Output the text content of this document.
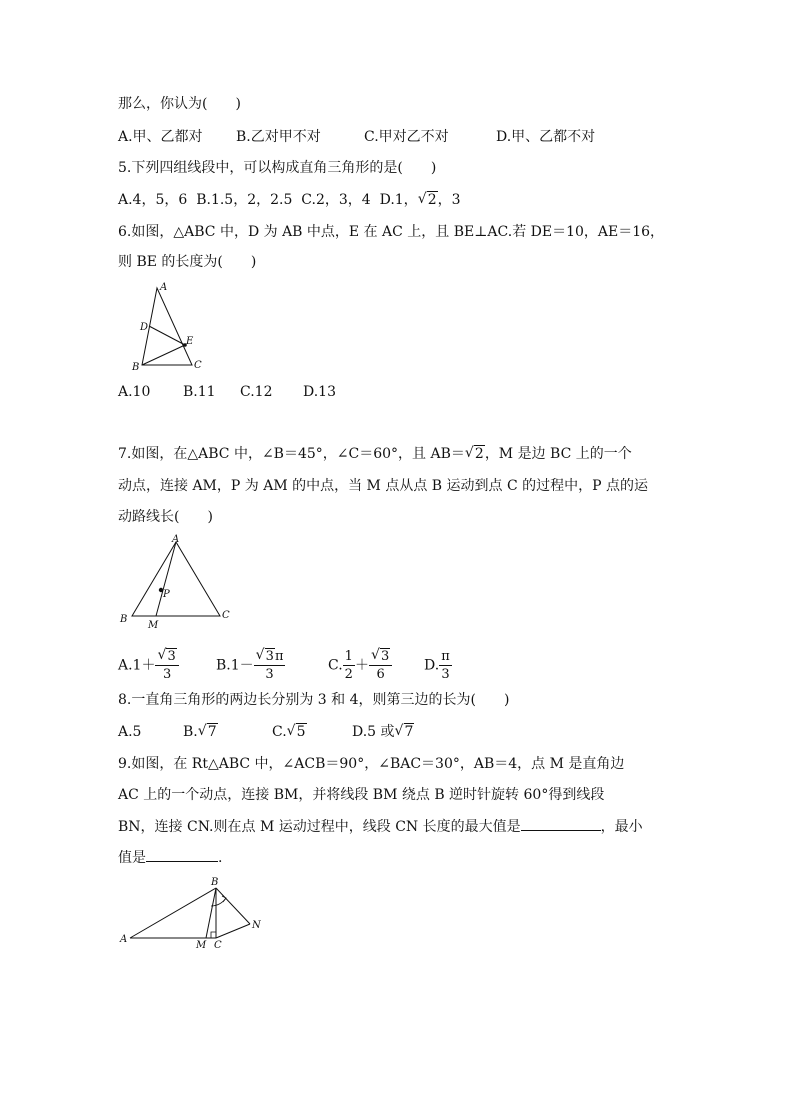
那么，你认为(　　)
A.甲、乙都对 B.乙对甲不对	C.甲对乙不对	D.甲、乙都不对
5.下列四组线段中，可以构成直角三角形的是(　　)
A.4，5，6 B.1.5，2，2.5 C.2，3，4 D.1， √ 2，3
6.如图，△ABC 中，D 为 AB 中点，E 在 AC 上，且 BE⊥AC.若 DE＝10，AE＝16，
则 BE 的长度为(　　)
A
D
E
B	C
A.10 B.11 C.12 D.13
7.如图，在△ABC 中，∠B＝45°，∠C＝60°，且 AB＝ √ 2，M 是边 BC 上的一个
动点，连接 AM，P 为 AM 的中点，当 M 点从点 B 运动到点 C 的过程中，P 点的运
动路线长(　　)
A
P
B
M
C
A.1＋ √ $\frac{3}{3}$	B.1－ √ $\frac{3\pi}{3}$	C. $\frac{1}{2}$ ＋ √ $\frac{3}{6} D$. $\frac{\pi}{3}$
8.一直角三角形的两边长分别为 3 和 4，则第三边的长为(　　)
A.5	B. √ 7	C. √ 5	D.5 或 √ 7
9.如图，在 Rt△ABC 中，∠ACB＝90°，∠BAC＝30°，AB＝4，点 M 是直角边
AC 上的一个动点，连接 BM，并将线段 BM 绕点 B 逆时针旋转 60°得到线段
BN，连接 CN.则在点 M 运动过程中，线段 CN 长度的最大值是	，最小
值是	.
B
A
M C
N
